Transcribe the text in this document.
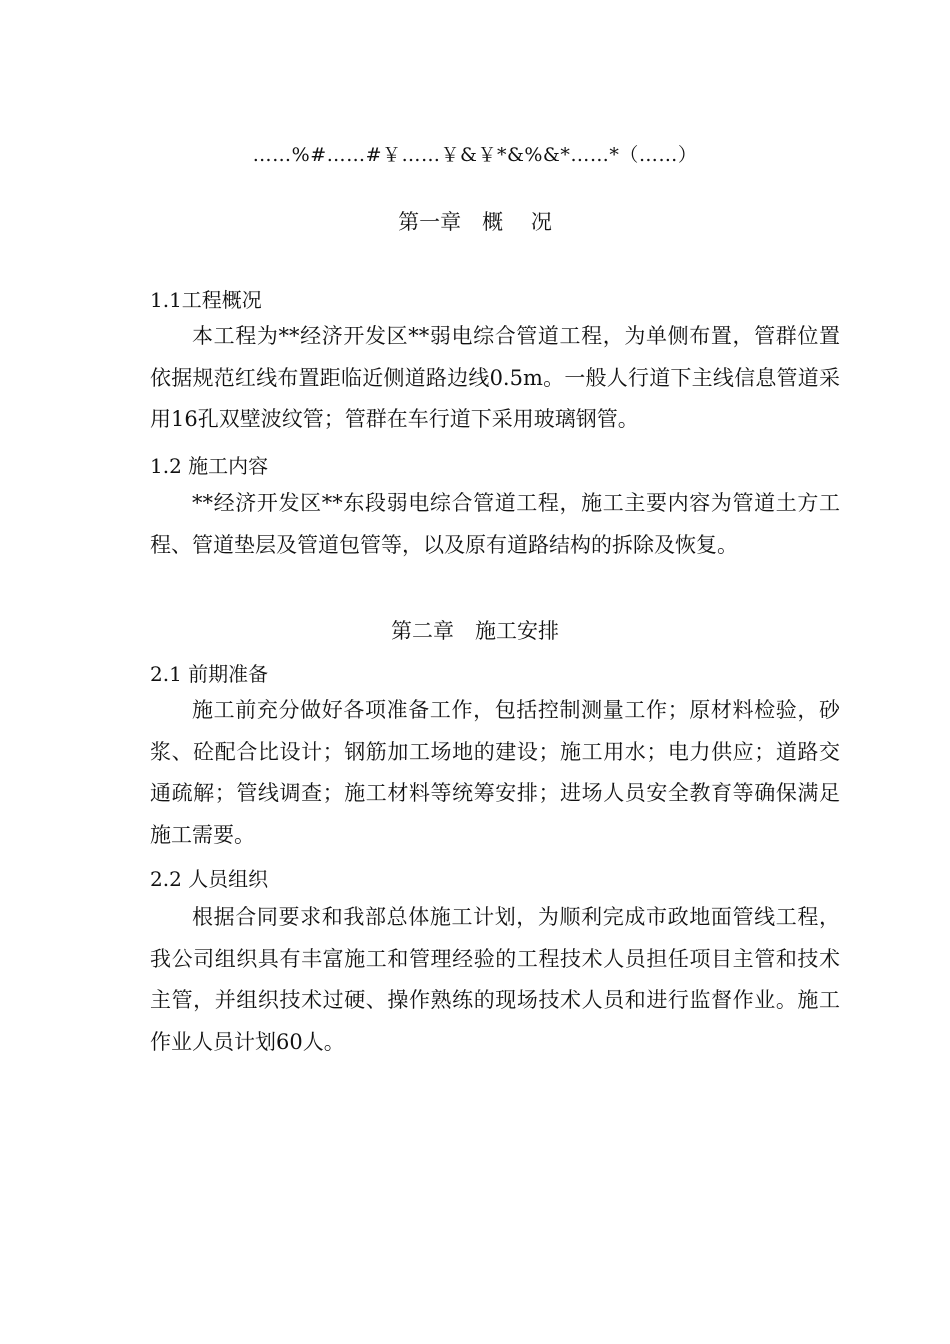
……%#……#￥……￥&￥*&%&*……*（……）
第一章　概　 况
1.1工程概况
本工程为**经济开发区**弱电综合管道工程，为单侧布置，管群位置依据规范红线布置距临近侧道路边线0.5m。一般人行道下主线信息管道采用16孔双壁波纹管；管群在车行道下采用玻璃钢管。
1.2 施工内容
**经济开发区**东段弱电综合管道工程，施工主要内容为管道土方工程、管道垫层及管道包管等，以及原有道路结构的拆除及恢复。
第二章　施工安排
2.1 前期准备
施工前充分做好各项准备工作，包括控制测量工作；原材料检验，砂浆、砼配合比设计；钢筋加工场地的建设；施工用水；电力供应；道路交通疏解；管线调查；施工材料等统筹安排；进场人员安全教育等确保满足施工需要。
2.2 人员组织
根据合同要求和我部总体施工计划，为顺利完成市政地面管线工程，我公司组织具有丰富施工和管理经验的工程技术人员担任项目主管和技术主管，并组织技术过硬、操作熟练的现场技术人员和进行监督作业。施工作业人员计划60人。
